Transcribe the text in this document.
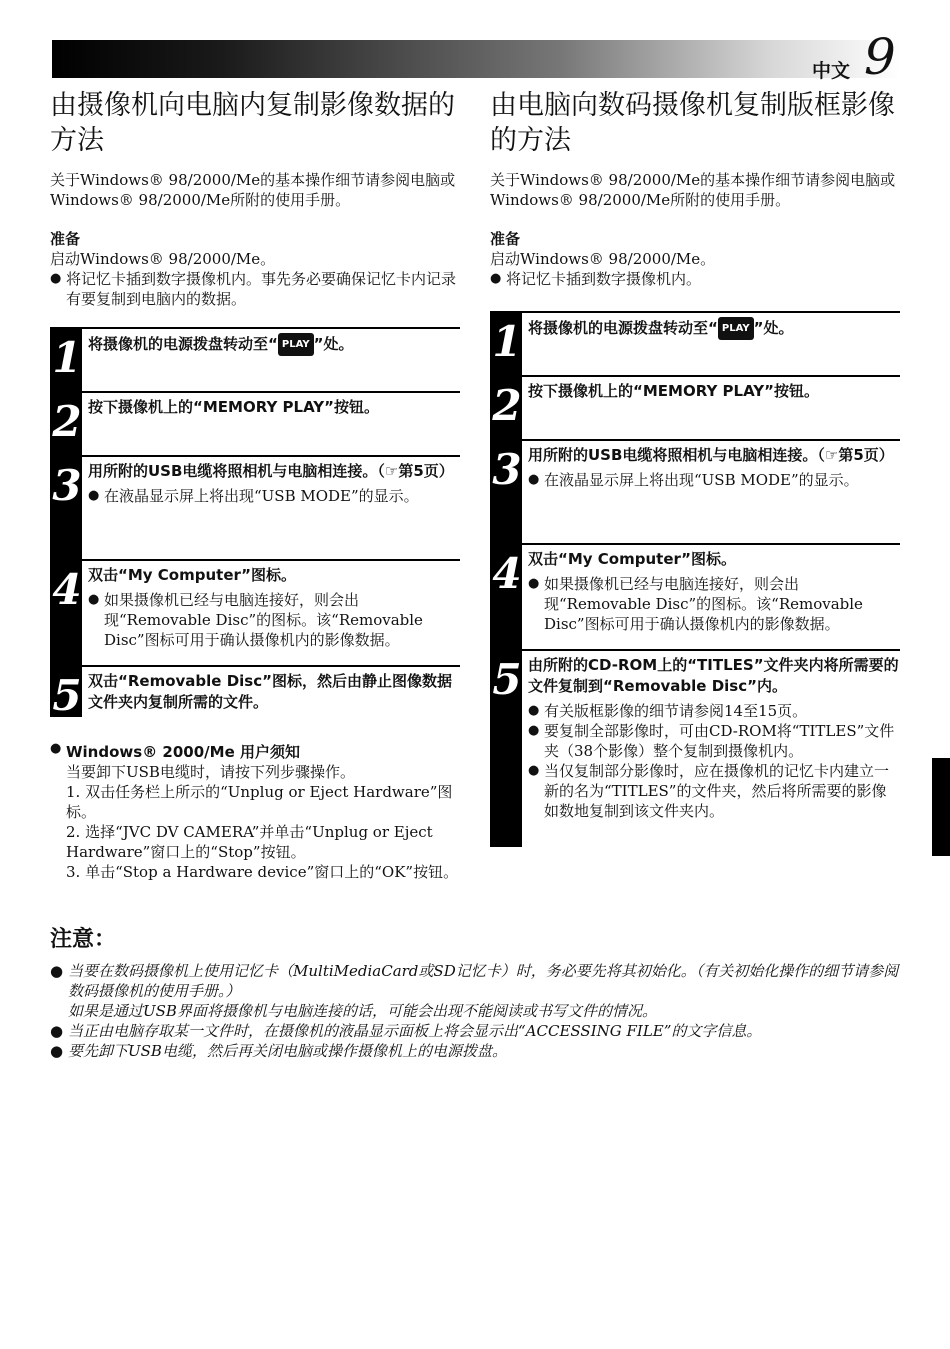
中文 9
由摄像机向电脑内复制影像数据的方法
关于Windows® 98/2000/Me的基本操作细节请参阅电脑或Windows® 98/2000/Me所附的使用手册。
准备
启动Windows® 98/2000/Me。
● 将记忆卡插到数字摄像机内。事先务必要确保记忆卡内记录有要复制到电脑内的数据。
1 将摄像机的电源拨盘转动至“ PLAY ”处。
2 按下摄像机上的“MEMORY PLAY”按钮。
3 用所附的USB电缆将照相机与电脑相连接。（☞第5页）
● 在液晶显示屏上将出现“USB MODE”的显示。
4 双击“My Computer”图标。
● 如果摄像机已经与电脑连接好，则会出现“Removable Disc”的图标。该“Removable Disc”图标可用于确认摄像机内的影像数据。
5 双击“Removable Disc”图标，然后由静止图像数据文件夹内复制所需的文件。
● Windows® 2000/Me 用户须知
当要卸下USB电缆时，请按下列步骤操作。
1. 双击任务栏上所示的“Unplug or Eject Hardware”图标。
2. 选择“JVC DV CAMERA”并单击“Unplug or Eject Hardware”窗口上的“Stop”按钮。
3. 单击“Stop a Hardware device”窗口上的“OK”按钮。
由电脑向数码摄像机复制版框影像的方法
关于Windows® 98/2000/Me的基本操作细节请参阅电脑或Windows® 98/2000/Me所附的使用手册。
准备
启动Windows® 98/2000/Me。
● 将记忆卡插到数字摄像机内。
1 将摄像机的电源拨盘转动至“ PLAY ”处。
2 按下摄像机上的“MEMORY PLAY”按钮。
3 用所附的USB电缆将照相机与电脑相连接。（☞第5页）
● 在液晶显示屏上将出现“USB MODE”的显示。
4 双击“My Computer”图标。
● 如果摄像机已经与电脑连接好，则会出现“Removable Disc”的图标。该“Removable Disc”图标可用于确认摄像机内的影像数据。
5 由所附的CD-ROM上的“TITLES”文件夹内将所需要的文件复制到“Removable Disc”内。
● 有关版框影像的细节请参阅14至15页。
● 要复制全部影像时，可由CD-ROM将“TITLES”文件夹（38个影像）整个复制到摄像机内。
● 当仅复制部分影像时，应在摄像机的记忆卡内建立一新的名为“TITLES”的文件夹，然后将所需要的影像如数地复制到该文件夹内。
注意：
● 当要在数码摄像机上使用记忆卡（MultiMediaCard或SD记忆卡）时，务必要先将其初始化。（有关初始化操作的细节请参阅数码摄像机的使用手册。）
如果是通过USB界面将摄像机与电脑连接的话，可能会出现不能阅读或书写文件的情况。
● 当正由电脑存取某一文件时，在摄像机的液晶显示面板上将会显示出“ACCESSING FILE”的文字信息。
● 要先卸下USB电缆，然后再关闭电脑或操作摄像机上的电源拨盘。
